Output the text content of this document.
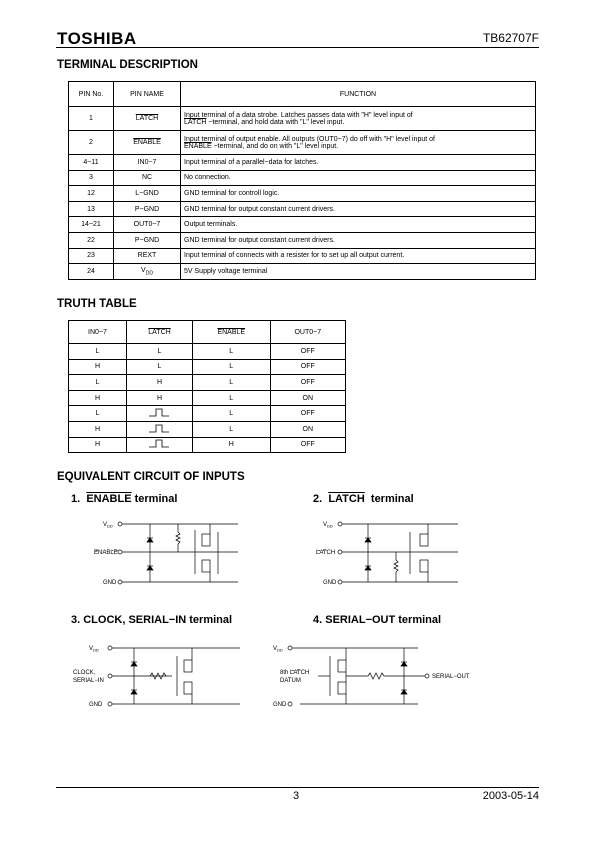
TOSHIBA	TB62707F
TERMINAL DESCRIPTION
PIN No.	PIN NAME	FUNCTION
1	LATCH	Input terminal of a data strobe. Latches passes data with "H" level input of
LATCH −terminal, and hold data with "L" level input.
2	ENABLE	Input terminal of output enable. All outputs (OUT0~7) do off with "H" level input of
ENABLE −terminal, and do on with "L" level input.
4~11	IN0~7	Input terminal of a parallel−data for latches.
3	NC	No connection.
12	L−GND	GND terminal for controll logic.
13	P−GND	GND terminal for output constant current drivers.
14~21	OUT0~7	Output terminals.
22	P−GND	GND terminal for output constant current drivers.
23	REXT	Input terminal of connects with a resister for to set up all output current.
24	$V_{DD}$	5V Supply voltage terminal
TRUTH TABLE
IN0~7	LATCH	ENABLE	OUT0~7
L	L	L	OFF
H	L	L	OFF
L	H	L	OFF
H	H	L	ON
L		L	OFF
H		L	ON
H		H	OFF
EQUIVALENT CIRCUIT OF INPUTS
1. ENABLE terminal	2. LATCH  terminal
3. CLOCK, SERIAL−IN terminal	4. SERIAL−OUT terminal
$V_{DD}$
ENABLE
GND
$V_{DD}$
LATCH
GND
$V_{DD}$
CLOCK,
SERIAL−IN
GND
$V_{DD}$
8th LATCH
DATUM
SERIAL−OUT
GND
3	2003-05-14
